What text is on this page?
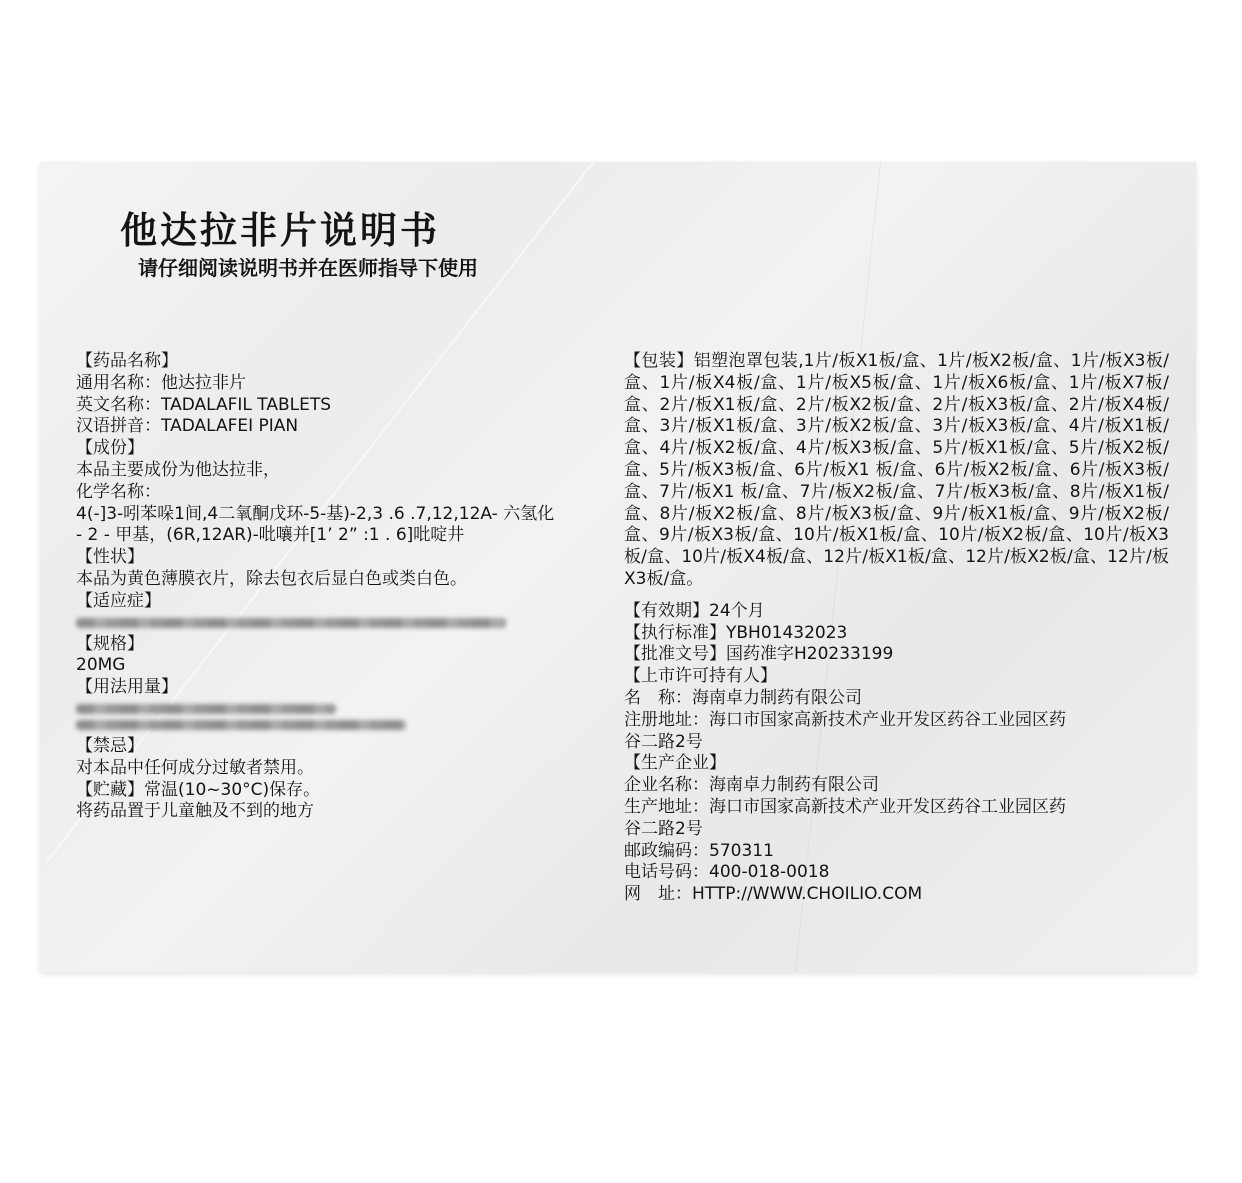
他达拉非片说明书
请仔细阅读说明书并在医师指导下使用
【药品名称】
通用名称：他达拉非片
英文名称：TADALAFIL TABLETS
汉语拼音：TADALAFEI PIAN
【成份】
本品主要成份为他达拉非，
化学名称：
4(-]3-吲苯哚1间,4二氧酮戊环-5-基)-2,3 .6 .7,12,12A- 六氢化
- 2 - 甲基，(6R,12AR)-吡嚷并[1’ 2” :1 . 6]吡啶井
【性状】
本品为黄色薄膜衣片，除去包衣后显白色或类白色。
【适应症】
【规格】
20MG
【用法用量】
【禁忌】
对本品中任何成分过敏者禁用。
【贮藏】常温(10~30°C)保存。
将药品置于儿童触及不到的地方
【包装】铝塑泡罩包装,1片/板X1板/盒、1片/板X2板/盒、1片/板X3板/盒、1片/板X4板/盒、1片/板X5板/盒、1片/板X6板/盒、1片/板X7板/盒、2片/板X1板/盒、2片/板X2板/盒、2片/板X3板/盒、2片/板X4板/盒、3片/板X1板/盒、3片/板X2板/盒、3片/板X3板/盒、4片/板X1板/盒、4片/板X2板/盒、4片/板X3板/盒、5片/板X1板/盒、5片/板X2板/盒、5片/板X3板/盒、6片/板X1 板/盒、6片/板X2板/盒、6片/板X3板/盒、7片/板X1 板/盒、7片/板X2板/盒、7片/板X3板/盒、8片/板X1板/盒、8片/板X2板/盒、8片/板X3板/盒、9片/板X1板/盒、9片/板X2板/盒、9片/板X3板/盒、10片/板X1板/盒、10片/板X2板/盒、10片/板X3板/盒、10片/板X4板/盒、12片/板X1板/盒、12片/板X2板/盒、12片/板X3板/盒。
【有效期】24个月
【执行标准】YBH01432023
【批准文号】国药准字H20233199
【上市许可持有人】
名　称：海南卓力制药有限公司
注册地址：海口市国家高新技术产业开发区药谷工业园区药
谷二路2号
【生产企业】
企业名称：海南卓力制药有限公司
生产地址：海口市国家高新技术产业开发区药谷工业园区药
谷二路2号
邮政编码：570311
电话号码：400-018-0018
网　址：HTTP://WWW.CHOILIO.COM
